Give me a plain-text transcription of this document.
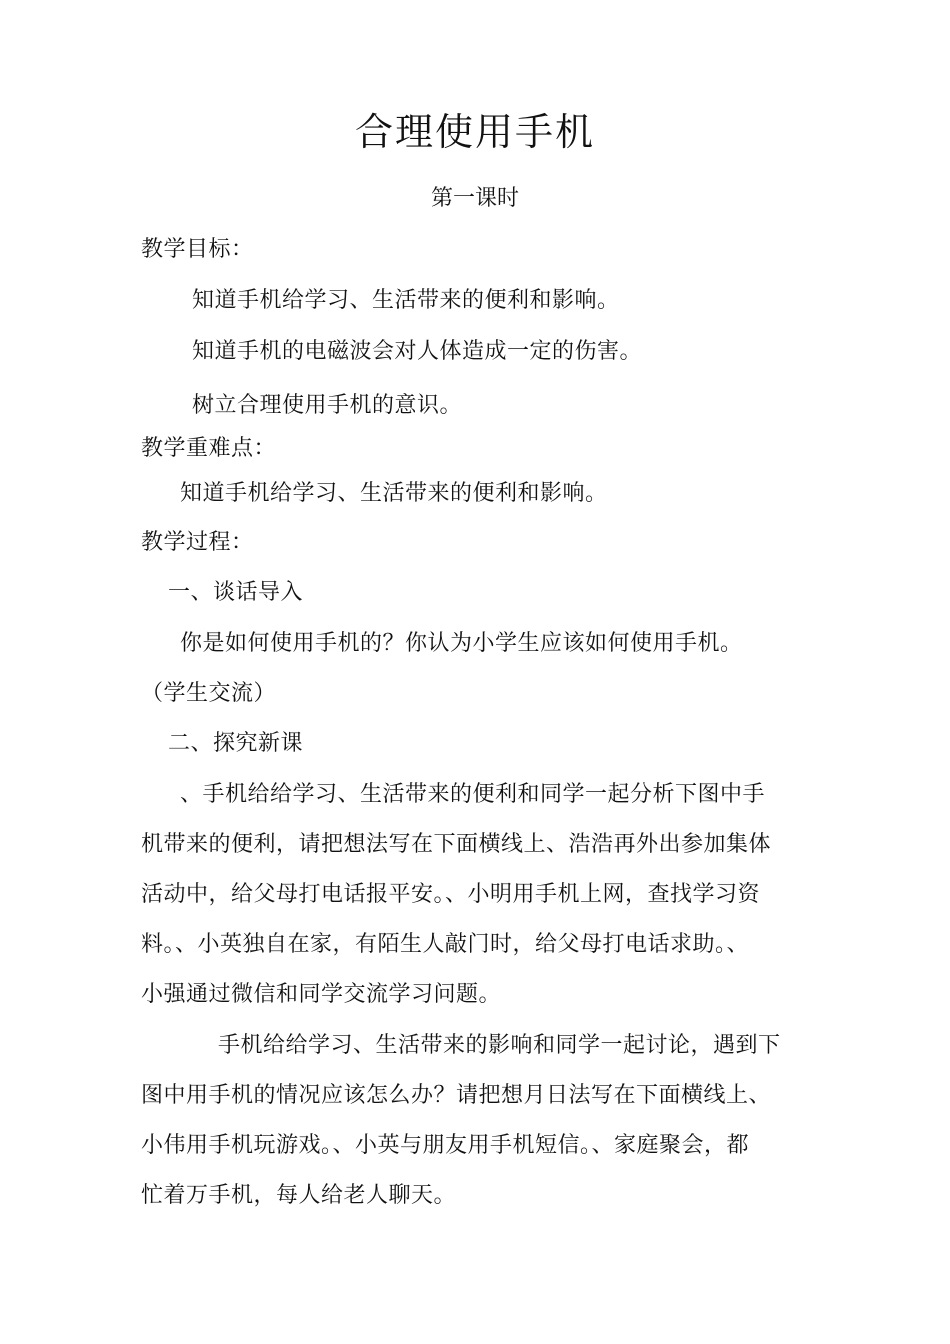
合理使用手机
第一课时
教学目标：
知道手机给学习、生活带来的便利和影响。
知道手机的电磁波会对人体造成一定的伤害。
树立合理使用手机的意识。
教学重难点：
知道手机给学习、生活带来的便利和影响。
教学过程：
一、谈话导入
你是如何使用手机的？你认为小学生应该如何使用手机。
（学生交流）
二、探究新课
、手机给给学习、生活带来的便利和同学一起分析下图中手
机带来的便利，请把想法写在下面横线上、浩浩再外出参加集体
活动中，给父母打电话报平安。、小明用手机上网，查找学习资
料。、小英独自在家，有陌生人敲门时，给父母打电话求助。、
小强通过微信和同学交流学习问题。
手机给给学习、生活带来的影响和同学一起讨论，遇到下
图中用手机的情况应该怎么办？请把想月日法写在下面横线上、
小伟用手机玩游戏。、小英与朋友用手机短信。、家庭聚会，都
忙着万手机，每人给老人聊天。
